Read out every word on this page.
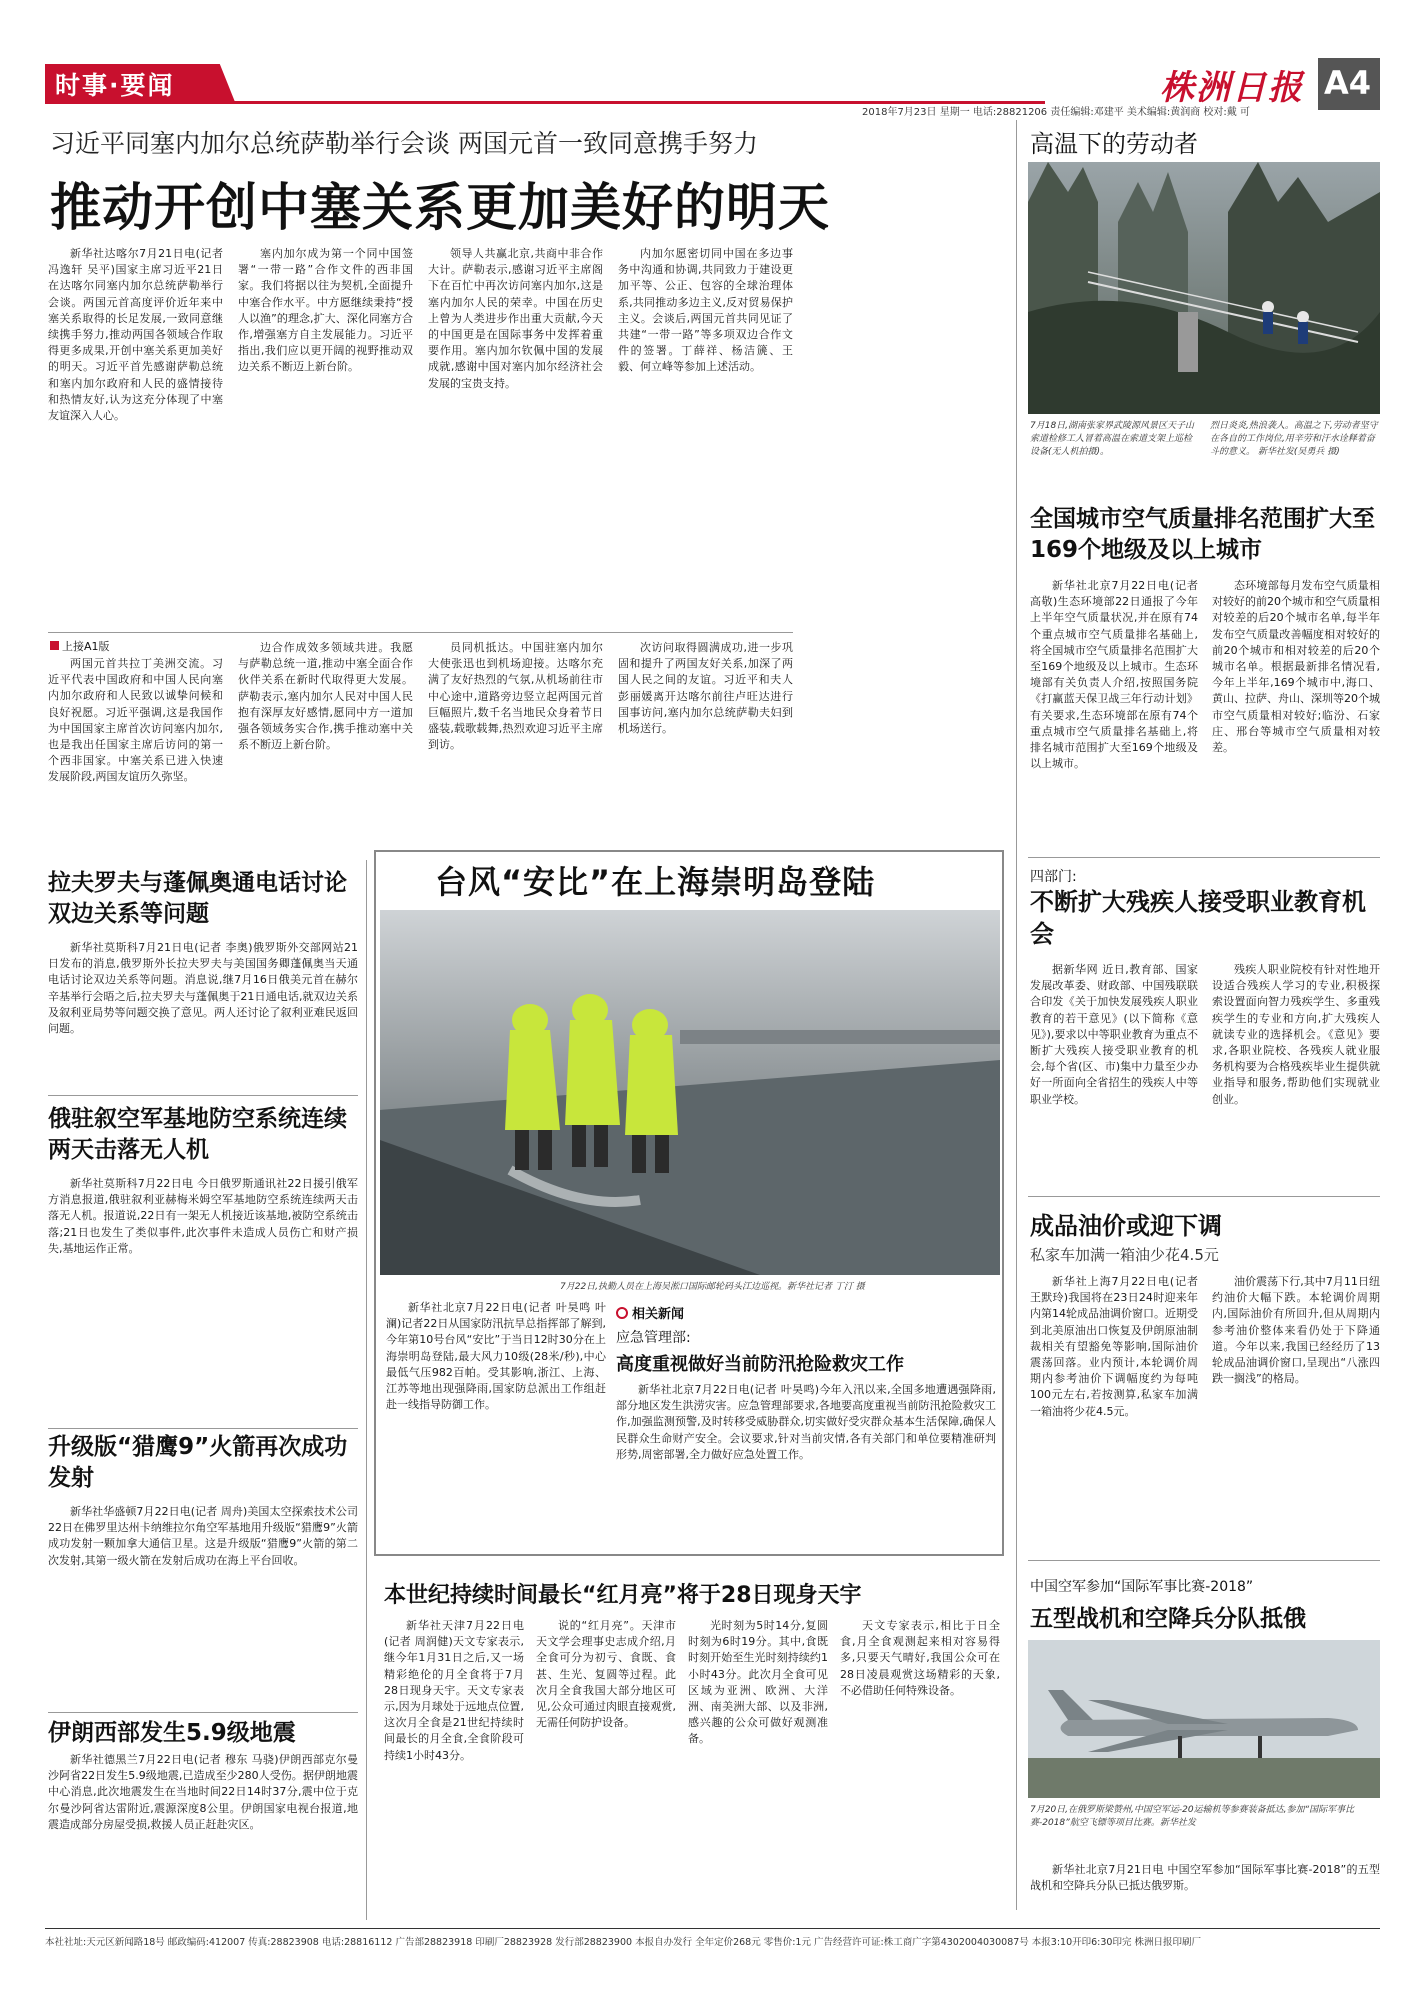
时事·要闻	株洲日报 A4
2018年7月23日 星期一 电话:28821206 责任编辑:邓建平 美术编辑:黄润商 校对:戴 可
习近平同塞内加尔总统萨勒举行会谈 两国元首一致同意携手努力
推动开创中塞关系更加美好的明天

新华社达喀尔7月21日电(记者 冯逸轩 吴平)国家主席习近平21日在达喀尔同塞内加尔总统萨勒举行会谈。两国元首高度评价近年来中塞关系取得的长足发展,一致同意继续携手努力,推动两国各领域合作取得更多成果,开创中塞关系更加美好的明天。习近平首先感谢萨勒总统和塞内加尔政府和人民的盛情接待和热情友好,认为这充分体现了中塞友谊深入人心。

塞内加尔成为第一个同中国签署“一带一路”合作文件的西非国家。我们将据以往为契机,全面提升中塞合作水平。中方愿继续秉持“授人以渔”的理念,扩大、深化同塞方合作,增强塞方自主发展能力。习近平指出,我们应以更开阔的视野推动双边关系不断迈上新台阶。

领导人共赢北京,共商中非合作大计。萨勒表示,感谢习近平主席阁下在百忙中再次访问塞内加尔,这是塞内加尔人民的荣幸。中国在历史上曾为人类进步作出重大贡献,今天的中国更是在国际事务中发挥着重要作用。塞内加尔钦佩中国的发展成就,感谢中国对塞内加尔经济社会发展的宝贵支持。

内加尔愿密切同中国在多边事务中沟通和协调,共同致力于建设更加平等、公正、包容的全球治理体系,共同推动多边主义,反对贸易保护主义。会谈后,两国元首共同见证了共建“一带一路”等多项双边合作文件的签署。丁薛祥、杨洁篪、王毅、何立峰等参加上述活动。

上接A1版

两国元首共拉丁美洲交流。习近平代表中国政府和中国人民向塞内加尔政府和人民致以诚挚问候和良好祝愿。习近平强调,这是我国作为中国国家主席首次访问塞内加尔,也是我出任国家主席后访问的第一个西非国家。中塞关系已进入快速发展阶段,两国友谊历久弥坚。

边合作成效多领域共进。我愿与萨勒总统一道,推动中塞全面合作伙伴关系在新时代取得更大发展。萨勒表示,塞内加尔人民对中国人民抱有深厚友好感情,愿同中方一道加强各领域务实合作,携手推动塞中关系不断迈上新台阶。

员同机抵达。中国驻塞内加尔大使张迅也到机场迎接。达喀尔充满了友好热烈的气氛,从机场前往市中心途中,道路旁边竖立起两国元首巨幅照片,数千名当地民众身着节日盛装,载歌载舞,热烈欢迎习近平主席到访。

次访问取得圆满成功,进一步巩固和提升了两国友好关系,加深了两国人民之间的友谊。习近平和夫人彭丽媛离开达喀尔前往卢旺达进行国事访问,塞内加尔总统萨勒夫妇到机场送行。

高温下的劳动者
7月18日,湖南张家界武陵源风景区天子山索道检修工人冒着高温在索道支架上巡检设备(无人机拍摄)。
烈日炎炎,热浪袭人。高温之下,劳动者坚守在各自的工作岗位,用辛劳和汗水诠释着奋斗的意义。 新华社发(吴勇兵 摄)
全国城市空气质量排名范围扩大至169个地级及以上城市

新华社北京7月22日电(记者 高敬)生态环境部22日通报了今年上半年空气质量状况,并在原有74个重点城市空气质量排名基础上,将全国城市空气质量排名范围扩大至169个地级及以上城市。生态环境部有关负责人介绍,按照国务院《打赢蓝天保卫战三年行动计划》有关要求,生态环境部在原有74个重点城市空气质量排名基础上,将排名城市范围扩大至169个地级及以上城市。

态环境部每月发布空气质量相对较好的前20个城市和空气质量相对较差的后20个城市名单,每半年发布空气质量改善幅度相对较好的前20个城市和相对较差的后20个城市名单。根据最新排名情况看,今年上半年,169个城市中,海口、黄山、拉萨、舟山、深圳等20个城市空气质量相对较好;临汾、石家庄、邢台等城市空气质量相对较差。

台风“安比”在上海崇明岛登陆
7月22日,执勤人员在上海吴淞口国际邮轮码头江边巡视。新华社记者 丁汀 摄

新华社北京7月22日电(记者 叶昊鸣 叶澜)记者22日从国家防汛抗旱总指挥部了解到,今年第10号台风“安比”于当日12时30分在上海崇明岛登陆,最大风力10级(28米/秒),中心最低气压982百帕。受其影响,浙江、上海、江苏等地出现强降雨,国家防总派出工作组赶赴一线指导防御工作。

相关新闻
应急管理部:
高度重视做好当前防汛抢险救灾工作

新华社北京7月22日电(记者 叶昊鸣)今年入汛以来,全国多地遭遇强降雨,部分地区发生洪涝灾害。应急管理部要求,各地要高度重视当前防汛抢险救灾工作,加强监测预警,及时转移受威胁群众,切实做好受灾群众基本生活保障,确保人民群众生命财产安全。会议要求,针对当前灾情,各有关部门和单位要精准研判形势,周密部署,全力做好应急处置工作。

拉夫罗夫与蓬佩奥通电话讨论双边关系等问题

新华社莫斯科7月21日电(记者 李奥)俄罗斯外交部网站21日发布的消息,俄罗斯外长拉夫罗夫与美国国务卿蓬佩奥当天通电话讨论双边关系等问题。消息说,继7月16日俄美元首在赫尔辛基举行会晤之后,拉夫罗夫与蓬佩奥于21日通电话,就双边关系及叙利亚局势等问题交换了意见。两人还讨论了叙利亚难民返回问题。

俄驻叙空军基地防空系统连续两天击落无人机

新华社莫斯科7月22日电 今日俄罗斯通讯社22日援引俄军方消息报道,俄驻叙利亚赫梅米姆空军基地防空系统连续两天击落无人机。报道说,22日有一架无人机接近该基地,被防空系统击落;21日也发生了类似事件,此次事件未造成人员伤亡和财产损失,基地运作正常。

升级版“猎鹰9”火箭再次成功发射

新华社华盛顿7月22日电(记者 周舟)美国太空探索技术公司22日在佛罗里达州卡纳维拉尔角空军基地用升级版“猎鹰9”火箭成功发射一颗加拿大通信卫星。这是升级版“猎鹰9”火箭的第二次发射,其第一级火箭在发射后成功在海上平台回收。

伊朗西部发生5.9级地震

新华社德黑兰7月22日电(记者 穆东 马骁)伊朗西部克尔曼沙阿省22日发生5.9级地震,已造成至少280人受伤。据伊朗地震中心消息,此次地震发生在当地时间22日14时37分,震中位于克尔曼沙阿省达雷附近,震源深度8公里。伊朗国家电视台报道,地震造成部分房屋受损,救援人员正赶赴灾区。

四部门:
不断扩大残疾人接受职业教育机会

据新华网 近日,教育部、国家发展改革委、财政部、中国残联联合印发《关于加快发展残疾人职业教育的若干意见》(以下简称《意见》),要求以中等职业教育为重点不断扩大残疾人接受职业教育的机会,每个省(区、市)集中力量至少办好一所面向全省招生的残疾人中等职业学校。

残疾人职业院校有针对性地开设适合残疾人学习的专业,积极探索设置面向智力残疾学生、多重残疾学生的专业和方向,扩大残疾人就读专业的选择机会。《意见》要求,各职业院校、各残疾人就业服务机构要为合格残疾毕业生提供就业指导和服务,帮助他们实现就业创业。

成品油价或迎下调
私家车加满一箱油少花4.5元

新华社上海7月22日电(记者 王默玲)我国将在23日24时迎来年内第14轮成品油调价窗口。近期受到北美原油出口恢复及伊朗原油制裁相关有望豁免等影响,国际油价震荡回落。业内预计,本轮调价周期内参考油价下调幅度约为每吨100元左右,若按测算,私家车加满一箱油将少花4.5元。

油价震荡下行,其中7月11日纽约油价大幅下跌。本轮调价周期内,国际油价有所回升,但从周期内参考油价整体来看仍处于下降通道。今年以来,我国已经经历了13轮成品油调价窗口,呈现出“八涨四跌一搁浅”的格局。

本世纪持续时间最长“红月亮”将于28日现身天宇

新华社天津7月22日电(记者 周润健)天文专家表示,继今年1月31日之后,又一场精彩绝伦的月全食将于7月28日现身天宇。天文专家表示,因为月球处于远地点位置,这次月全食是21世纪持续时间最长的月全食,全食阶段可持续1小时43分。

说的“红月亮”。天津市天文学会理事史志成介绍,月全食可分为初亏、食既、食甚、生光、复圆等过程。此次月全食我国大部分地区可见,公众可通过肉眼直接观赏,无需任何防护设备。

光时刻为5时14分,复圆时刻为6时19分。其中,食既时刻开始至生光时刻持续约1小时43分。此次月全食可见区域为亚洲、欧洲、大洋洲、南美洲大部、以及非洲,感兴趣的公众可做好观测准备。

天文专家表示,相比于日全食,月全食观测起来相对容易得多,只要天气晴好,我国公众可在28日凌晨观赏这场精彩的天象,不必借助任何特殊设备。

中国空军参加“国际军事比赛-2018”
五型战机和空降兵分队抵俄
7月20日,在俄罗斯梁赞州,中国空军运-20运输机等参赛装备抵达,参加“国际军事比赛-2018”航空飞镖等项目比赛。新华社发

新华社北京7月21日电 中国空军参加“国际军事比赛-2018”的五型战机和空降兵分队已抵达俄罗斯。

本社社址:天元区新闻路18号 邮政编码:412007 传真:28823908 电话:28816112 广告部28823918 印刷厂28823928 发行部28823900 本报自办发行 全年定价268元 零售价:1元 广告经营许可证:株工商广字第4302004030087号 本报3:10开印6:30印完 株洲日报印刷厂
